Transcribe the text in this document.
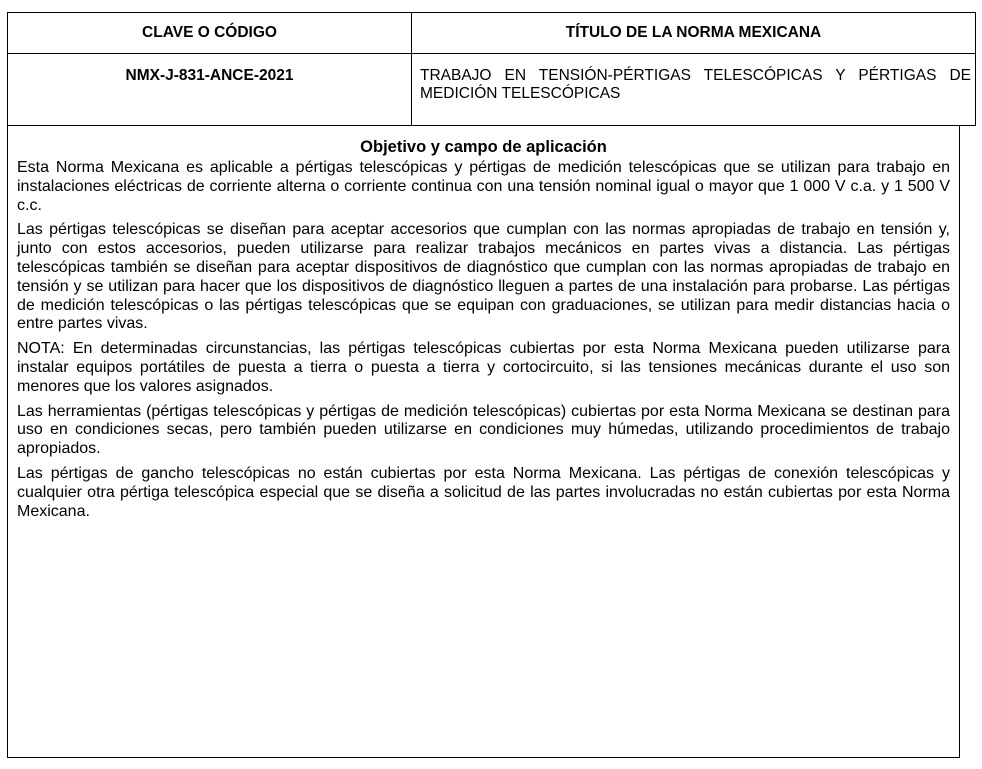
CLAVE O CÓDIGO	TÍTULO DE LA NORMA MEXICANA
NMX-J-831-ANCE-2021	TRABAJO EN TENSIÓN-PÉRTIGAS TELESCÓPICAS Y PÉRTIGAS DE MEDICIÓN TELESCÓPICAS
Objetivo y campo de aplicación

Esta Norma Mexicana es aplicable a pértigas telescópicas y pértigas de medición telescópicas que se utilizan para trabajo en instalaciones eléctricas de corriente alterna o corriente continua con una tensión nominal igual o mayor que 1 000 V c.a. y 1 500 V c.c.

Las pértigas telescópicas se diseñan para aceptar accesorios que cumplan con las normas apropiadas de trabajo en tensión y, junto con estos accesorios, pueden utilizarse para realizar trabajos mecánicos en partes vivas a distancia. Las pértigas telescópicas también se diseñan para aceptar dispositivos de diagnóstico que cumplan con las normas apropiadas de trabajo en tensión y se utilizan para hacer que los dispositivos de diagnóstico lleguen a partes de una instalación para probarse. Las pértigas de medición telescópicas o las pértigas telescópicas que se equipan con graduaciones, se utilizan para medir distancias hacia o entre partes vivas.

NOTA: En determinadas circunstancias, las pértigas telescópicas cubiertas por esta Norma Mexicana pueden utilizarse para instalar equipos portátiles de puesta a tierra o puesta a tierra y cortocircuito, si las tensiones mecánicas durante el uso son menores que los valores asignados.

Las herramientas (pértigas telescópicas y pértigas de medición telescópicas) cubiertas por esta Norma Mexicana se destinan para uso en condiciones secas, pero también pueden utilizarse en condiciones muy húmedas, utilizando procedimientos de trabajo apropiados.

Las pértigas de gancho telescópicas no están cubiertas por esta Norma Mexicana. Las pértigas de conexión telescópicas y cualquier otra pértiga telescópica especial que se diseña a solicitud de las partes involucradas no están cubiertas por esta Norma Mexicana.
